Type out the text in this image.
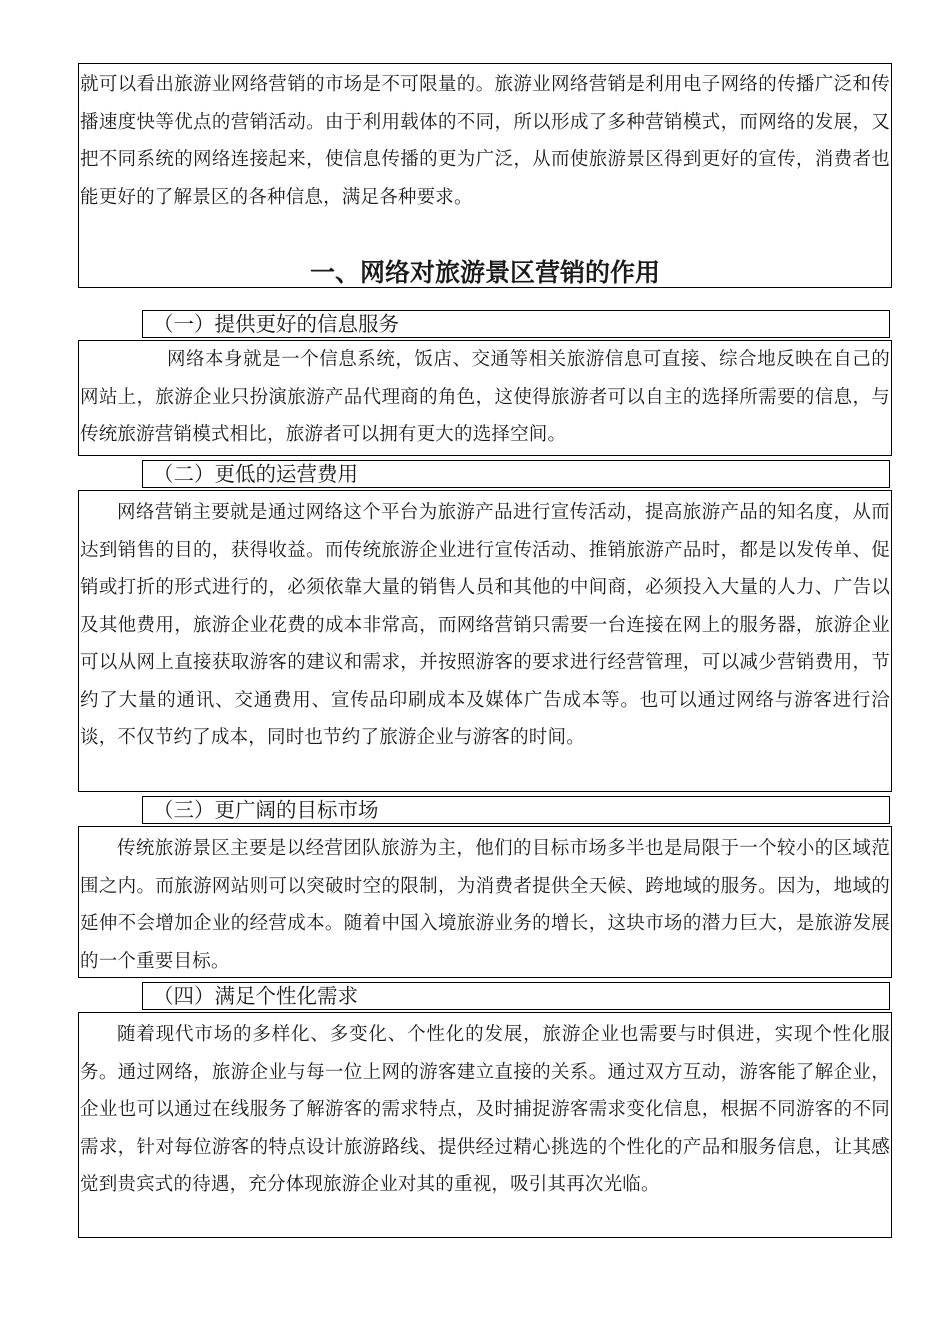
就可以看出旅游业网络营销的市场是不可限量的。旅游业网络营销是利用电子网络的传播广泛和传播速度快等优点的营销活动。由于利用载体的不同，所以形成了多种营销模式，而网络的发展，又把不同系统的网络连接起来，使信息传播的更为广泛，从而使旅游景区得到更好的宣传，消费者也能更好的了解景区的各种信息，满足各种要求。

一、网络对旅游景区营销的作用
（一）提供更好的信息服务

网络本身就是一个信息系统，饭店、交通等相关旅游信息可直接、综合地反映在自己的网站上，旅游企业只扮演旅游产品代理商的角色，这使得旅游者可以自主的选择所需要的信息，与传统旅游营销模式相比，旅游者可以拥有更大的选择空间。

（二）更低的运营费用

网络营销主要就是通过网络这个平台为旅游产品进行宣传活动，提高旅游产品的知名度，从而达到销售的目的，获得收益。而传统旅游企业进行宣传活动、推销旅游产品时，都是以发传单、促销或打折的形式进行的，必须依靠大量的销售人员和其他的中间商，必须投入大量的人力、广告以及其他费用，旅游企业花费的成本非常高，而网络营销只需要一台连接在网上的服务器，旅游企业可以从网上直接获取游客的建议和需求，并按照游客的要求进行经营管理，可以减少营销费用，节约了大量的通讯、交通费用、宣传品印刷成本及媒体广告成本等。也可以通过网络与游客进行洽谈，不仅节约了成本，同时也节约了旅游企业与游客的时间。

（三）更广阔的目标市场

传统旅游景区主要是以经营团队旅游为主，他们的目标市场多半也是局限于一个较小的区域范围之内。而旅游网站则可以突破时空的限制，为消费者提供全天候、跨地域的服务。因为，地域的延伸不会增加企业的经营成本。随着中国入境旅游业务的增长，这块市场的潜力巨大，是旅游发展的一个重要目标。

（四）满足个性化需求

随着现代市场的多样化、多变化、个性化的发展，旅游企业也需要与时俱进，实现个性化服务。通过网络，旅游企业与每一位上网的游客建立直接的关系。通过双方互动，游客能了解企业，企业也可以通过在线服务了解游客的需求特点，及时捕捉游客需求变化信息，根据不同游客的不同需求，针对每位游客的特点设计旅游路线、提供经过精心挑选的个性化的产品和服务信息，让其感觉到贵宾式的待遇，充分体现旅游企业对其的重视，吸引其再次光临。
